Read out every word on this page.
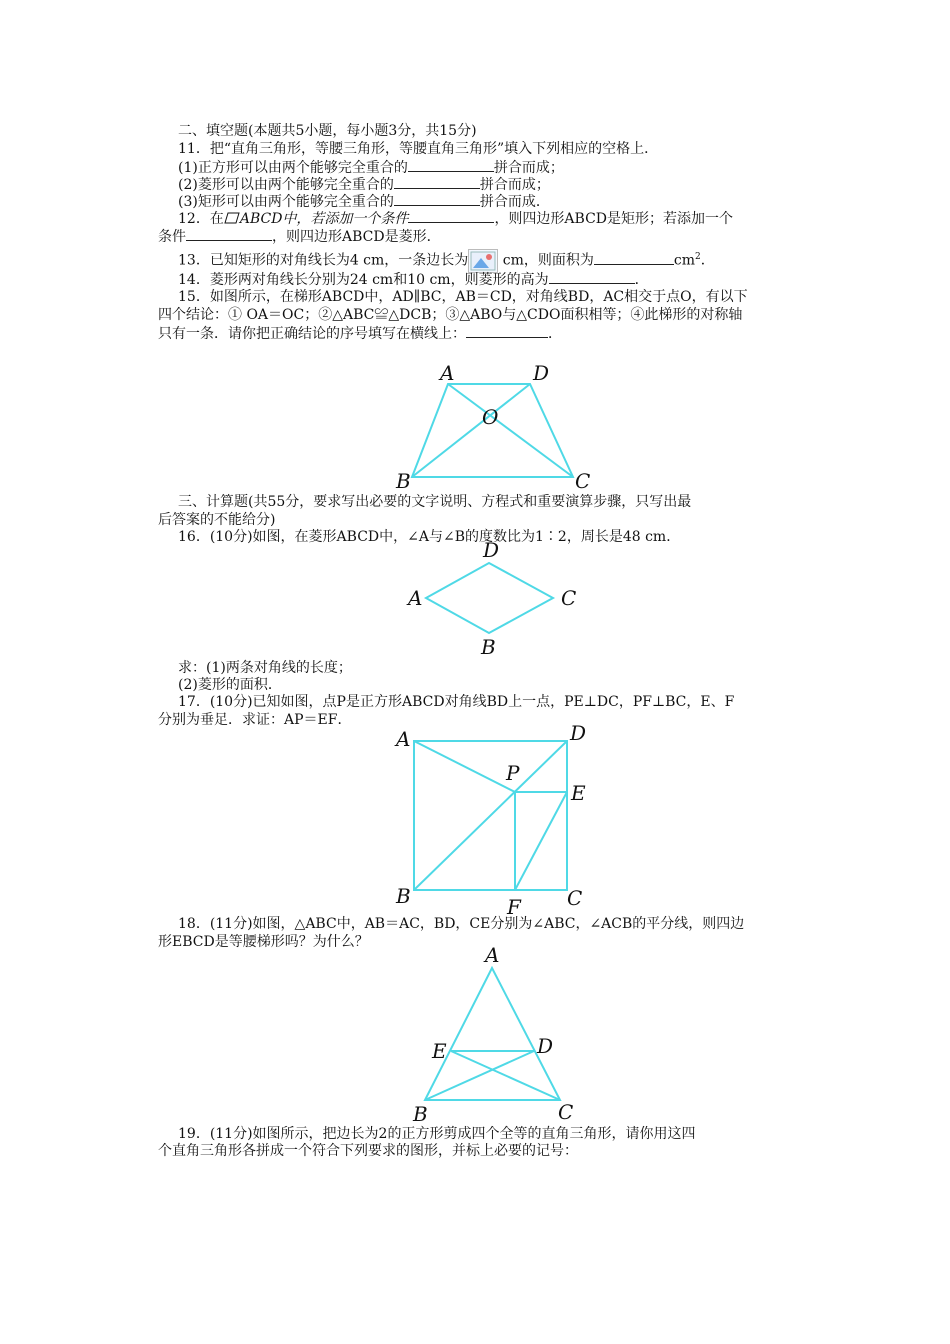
二、填空题(本题共5小题，每小题3分，共15分)
11．把“直角三角形，等腰三角形，等腰直角三角形”填入下列相应的空格上．
(1)正方形可以由两个能够完全重合的	拼合而成；
(2)菱形可以由两个能够完全重合的	拼合而成；
(3)矩形可以由两个能够完全重合的	拼合而成．
12．在 ABCD中，若添加一个条件	，则四边形ABCD是矩形；若添加一个
条件	，则四边形ABCD是菱形．
13．已知矩形的对角线长为4 cm，一条边长为 cm，则面积为	$cm^2$．
14．菱形两对角线长分别为24 cm和10 cm，则菱形的高为	．
15．如图所示，在梯形ABCD中，AD∥BC，AB＝CD，对角线BD，AC相交于点O，有以下
四个结论：① OA＝OC；②△ABC≌△DCB；③△ABO与△CDO面积相等；④此梯形的对称轴
只有一条．请你把正确结论的序号填写在横线上：	．
A	D
O
B	C
三、计算题(共55分，要求写出必要的文字说明、方程式和重要演算步骤，只写出最
后答案的不能给分)
16．(10分)如图，在菱形ABCD中，∠A与∠B的度数比为1∶2，周长是48 cm．
D
A	C
B
求：(1)两条对角线的长度；
(2)菱形的面积．
17．(10分)已知如图，点P是正方形ABCD对角线BD上一点，PE⊥DC，PF⊥BC，E、F
分别为垂足．求证：AP＝EF．
A	D
P
E
B	F C
18．(11分)如图，△ABC中，AB＝AC，BD，CE分别为∠ABC，∠ACB的平分线，则四边
形EBCD是等腰梯形吗？为什么？
A
E	D
B	C
19．(11分)如图所示，把边长为2的正方形剪成四个全等的直角三角形，请你用这四
个直角三角形各拼成一个符合下列要求的图形，并标上必要的记号：
